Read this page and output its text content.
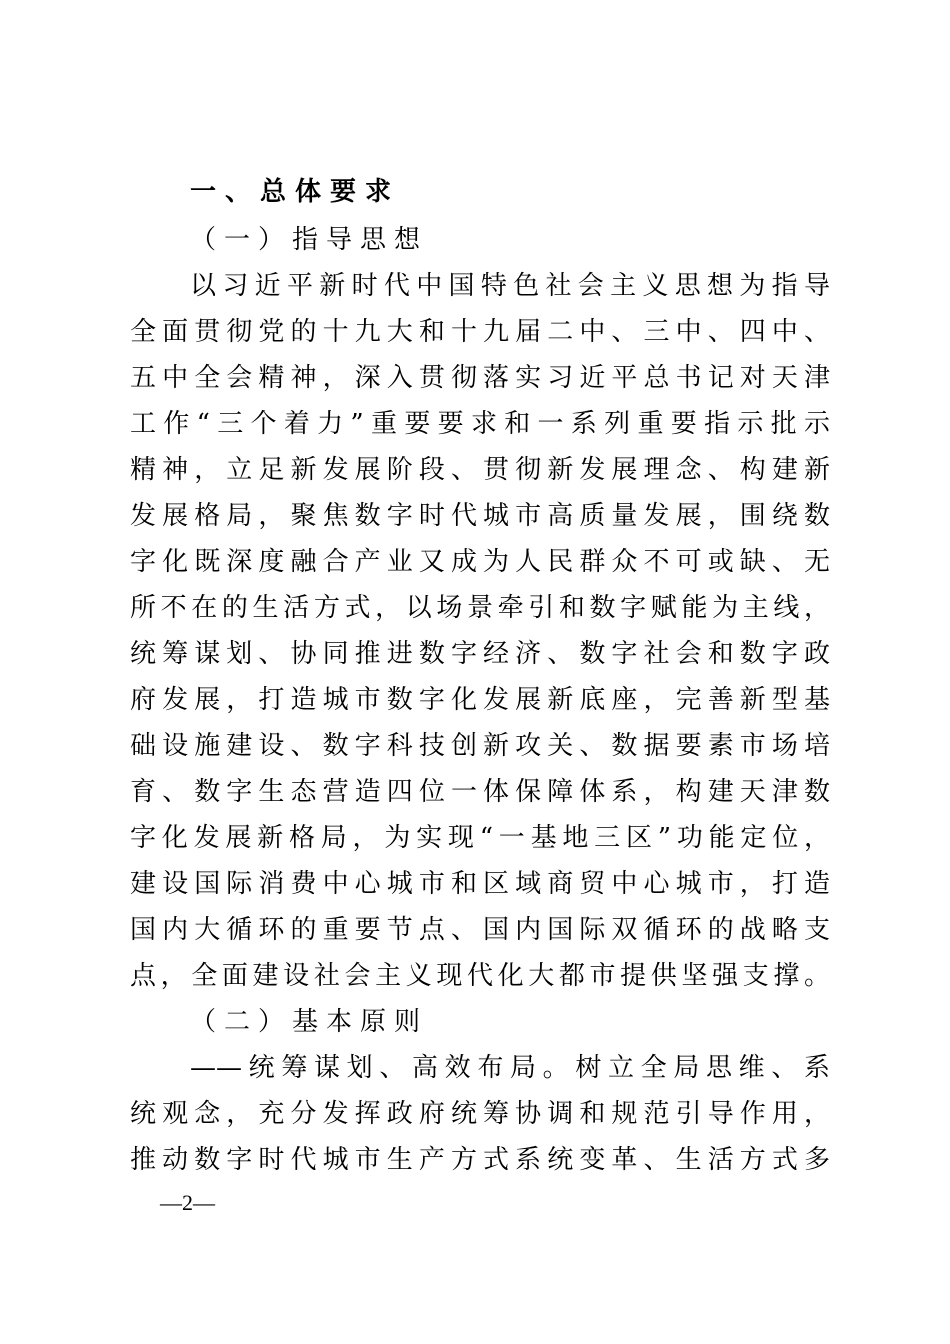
一、总体要求
（一）指导思想
以习近平新时代中国特色社会主义思想为指导
全面贯彻党的十九大和十九届二中、三中、四中、
五中全会精神，深入贯彻落实习近平总书记对天津
工作“三个着力”重要要求和一系列重要指示批示
精神，立足新发展阶段、贯彻新发展理念、构建新
发展格局，聚焦数字时代城市高质量发展，围绕数
字化既深度融合产业又成为人民群众不可或缺、无
所不在的生活方式，以场景牵引和数字赋能为主线，
统筹谋划、协同推进数字经济、数字社会和数字政
府发展，打造城市数字化发展新底座，完善新型基
础设施建设、数字科技创新攻关、数据要素市场培
育、数字生态营造四位一体保障体系，构建天津数
字化发展新格局，为实现“一基地三区”功能定位，
建设国际消费中心城市和区域商贸中心城市，打造
国内大循环的重要节点、国内国际双循环的战略支
点，全面建设社会主义现代化大都市提供坚强支撑。
（二）基本原则
——统筹谋划、高效布局。树立全局思维、系
统观念，充分发挥政府统筹协调和规范引导作用，
推动数字时代城市生产方式系统变革、生活方式多
—2—
